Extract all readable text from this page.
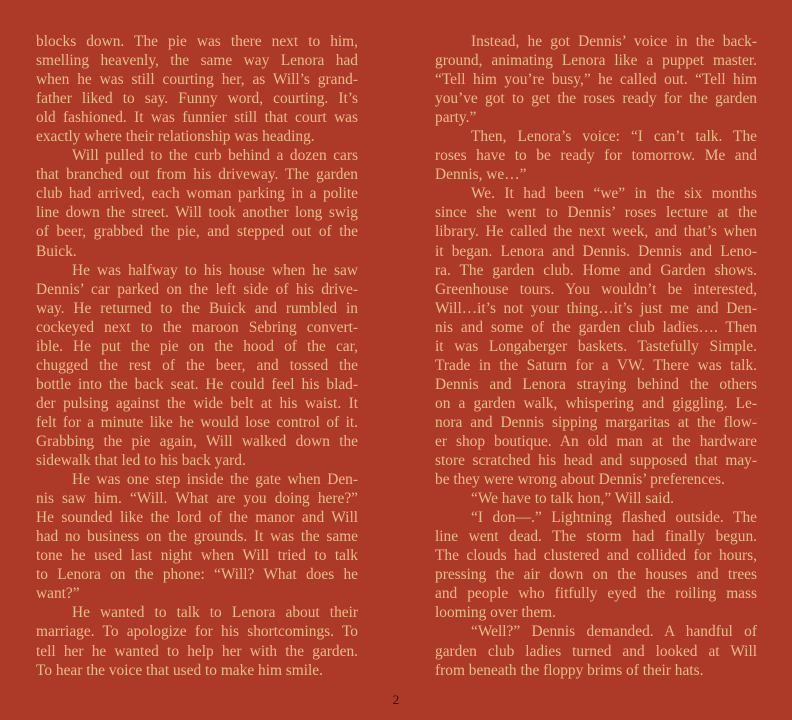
blocks down. The pie was there next to him,
smelling heavenly, the same way Lenora had
when he was still courting her, as Will’s grand-
father liked to say. Funny word, courting. It’s
old fashioned. It was funnier still that court was
exactly where their relationship was heading.
Will pulled to the curb behind a dozen cars
that branched out from his driveway. The garden
club had arrived, each woman parking in a polite
line down the street. Will took another long swig
of beer, grabbed the pie, and stepped out of the
Buick.
He was halfway to his house when he saw
Dennis’ car parked on the left side of his drive-
way. He returned to the Buick and rumbled in
cockeyed next to the maroon Sebring convert-
ible. He put the pie on the hood of the car,
chugged the rest of the beer, and tossed the
bottle into the back seat. He could feel his blad-
der pulsing against the wide belt at his waist. It
felt for a minute like he would lose control of it.
Grabbing the pie again, Will walked down the
sidewalk that led to his back yard.
He was one step inside the gate when Den-
nis saw him. “Will. What are you doing here?”
He sounded like the lord of the manor and Will
had no business on the grounds. It was the same
tone he used last night when Will tried to talk
to Lenora on the phone: “Will? What does he
want?”
He wanted to talk to Lenora about their
marriage. To apologize for his shortcomings. To
tell her he wanted to help her with the garden.
To hear the voice that used to make him smile.
Instead, he got Dennis’ voice in the back-
ground, animating Lenora like a puppet master.
“Tell him you’re busy,” he called out. “Tell him
you’ve got to get the roses ready for the garden
party.”
Then, Lenora’s voice: “I can’t talk. The
roses have to be ready for tomorrow. Me and
Dennis, we…”
We. It had been “we” in the six months
since she went to Dennis’ roses lecture at the
library. He called the next week, and that’s when
it began. Lenora and Dennis. Dennis and Leno-
ra. The garden club. Home and Garden shows.
Greenhouse tours. You wouldn’t be interested,
Will…it’s not your thing…it’s just me and Den-
nis and some of the garden club ladies…. Then
it was Longaberger baskets. Tastefully Simple.
Trade in the Saturn for a VW. There was talk.
Dennis and Lenora straying behind the others
on a garden walk, whispering and giggling. Le-
nora and Dennis sipping margaritas at the flow-
er shop boutique. An old man at the hardware
store scratched his head and supposed that may-
be they were wrong about Dennis’ preferences.
“We have to talk hon,” Will said.
“I don—.” Lightning flashed outside. The
line went dead. The storm had finally begun.
The clouds had clustered and collided for hours,
pressing the air down on the houses and trees
and people who fitfully eyed the roiling mass
looming over them.
“Well?” Dennis demanded. A handful of
garden club ladies turned and looked at Will
from beneath the floppy brims of their hats.
2
